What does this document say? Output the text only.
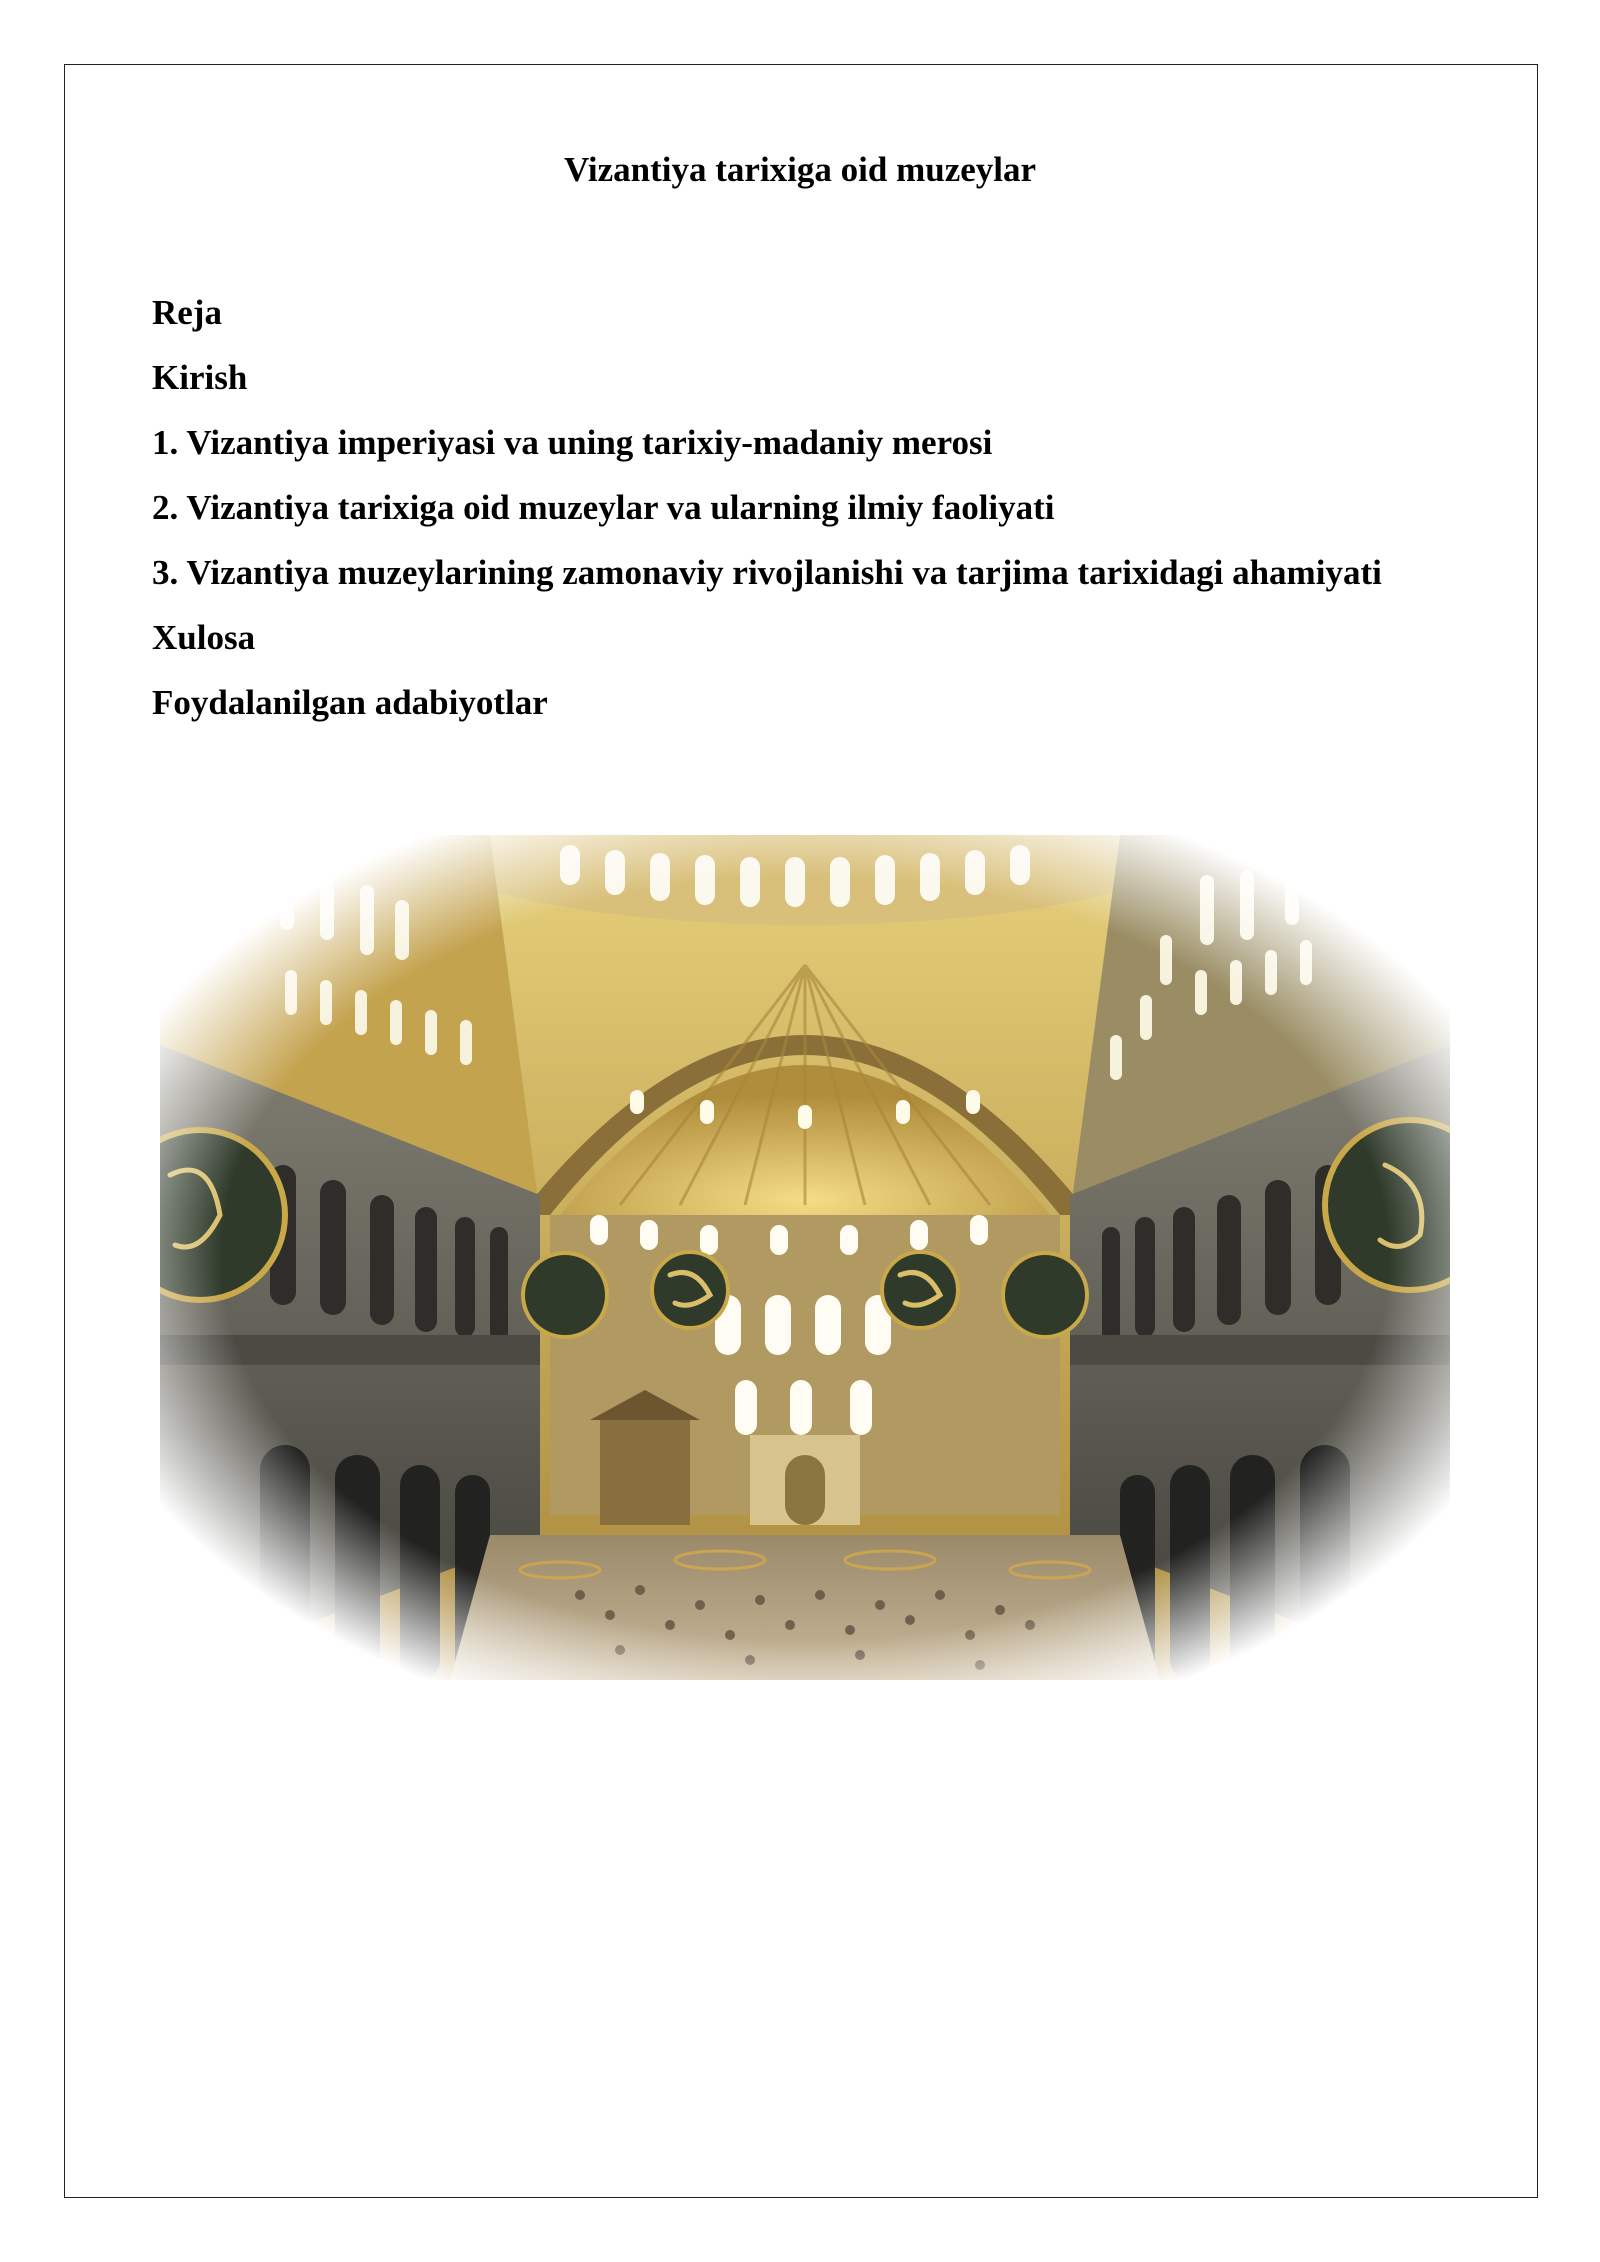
Vizantiya tarixiga oid muzeylar
Reja
Kirish
1. Vizantiya imperiyasi va uning tarixiy-madaniy merosi
2. Vizantiya tarixiga oid muzeylar va ularning ilmiy faoliyati
3. Vizantiya muzeylarining zamonaviy rivojlanishi va tarjima tarixidagi ahamiyati
Xulosa
Foydalanilgan adabiyotlar
